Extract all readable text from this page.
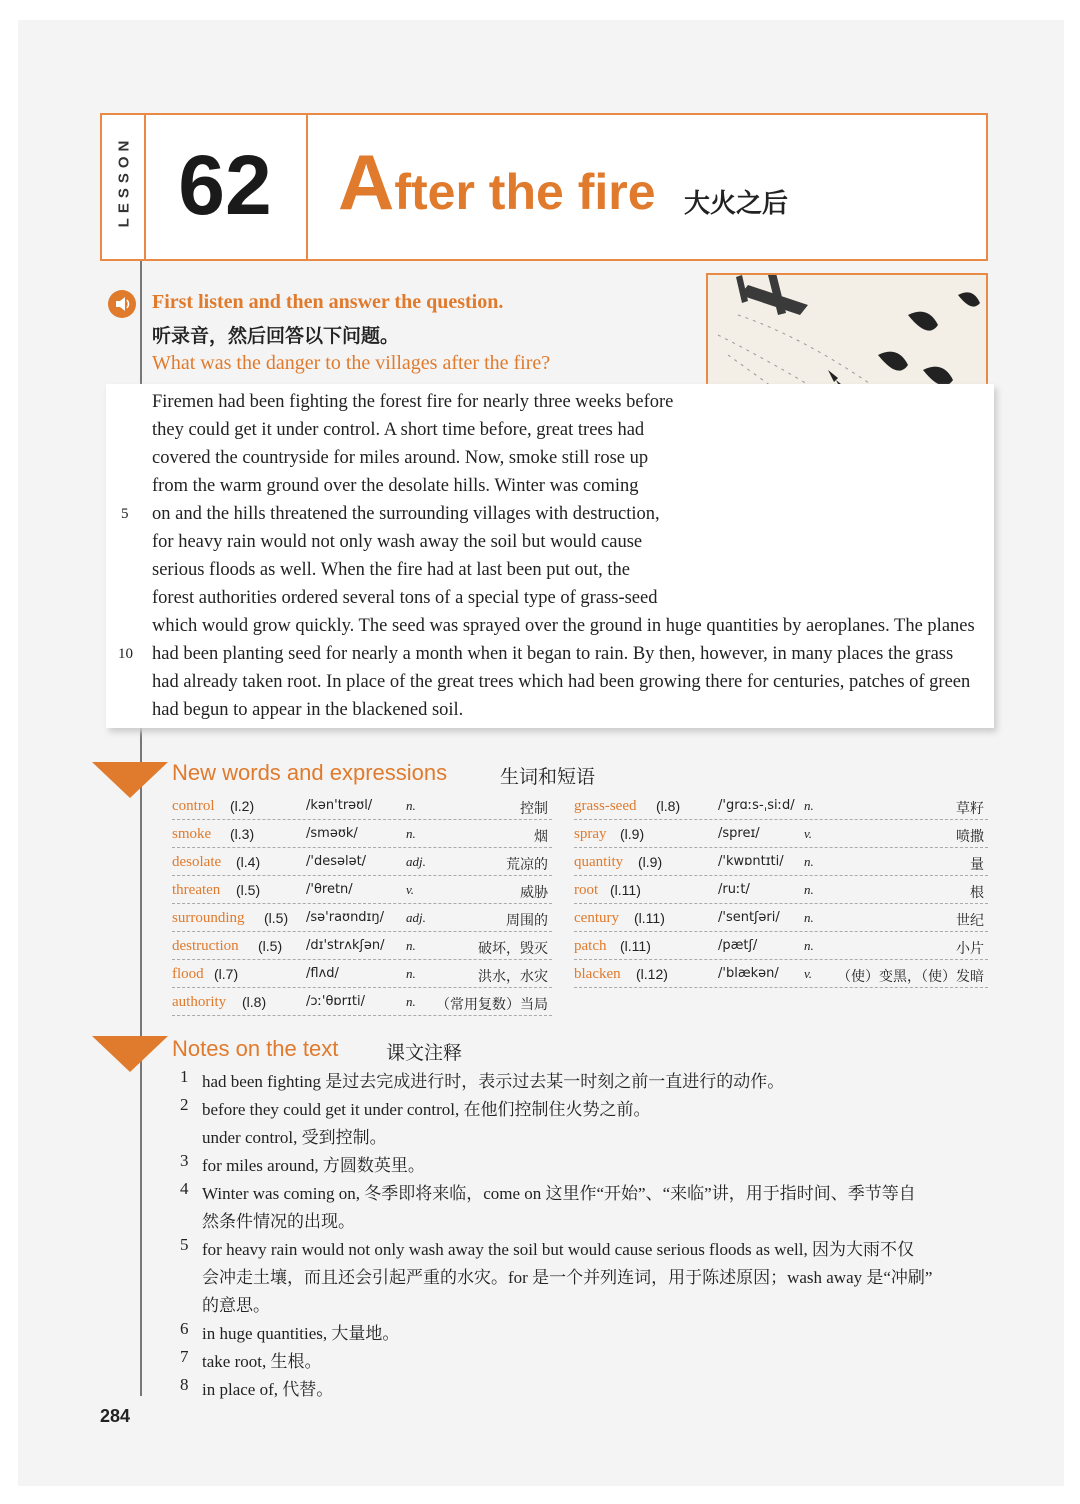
LESSON 62 After the fire 大火之后
First listen and then answer the question.
听录音，然后回答以下问题。
What was the danger to the villages after the fire?
Firemen had been fighting the forest fire for nearly three weeks before
they could get it under control. A short time before, great trees had
covered the countryside for miles around. Now, smoke still rose up
from the warm ground over the desolate hills. Winter was coming
5 on and the hills threatened the surrounding villages with destruction,
for heavy rain would not only wash away the soil but would cause
serious floods as well. When the fire had at last been put out, the
forest authorities ordered several tons of a special type of grass-seed
which would grow quickly. The seed was sprayed over the ground in huge quantities by aeroplanes. The planes
10 had been planting seed for nearly a month when it began to rain. By then, however, in many places the grass
had already taken root. In place of the great trees which had been growing there for centuries, patches of green
had begun to appear in the blackened soil.
New words and expressions	生词和短语
control (l.2)	/kən'trəʊl/	n.	控制
smoke (l.3)	/sməʊk/	n.	烟
desolate (l.4)	/'desələt/	adj.	荒凉的
threaten (l.5)	/'θretn/	v.	威胁
surrounding (l.5) /sə'raʊndɪŋ/ adj.	周围的
destruction (l.5) /dɪ'strʌkʃən/ n.	破坏，毁灭
flood (l.7)	/flʌd/	n.	洪水，水灾
authority (l.8)	/ɔː'θɒrɪti/	n. （常用复数）当局
grass-seed (l.8)	/'grɑːs-ˌsiːd/ n.	草籽
spray (l.9)	/spreɪ/	v.	喷撒
quantity (l.9)	/'kwɒntɪti/ n.	量
root (l.11)	/ruːt/	n.	根
century (l.11)	/'sentʃəri/ n.	世纪
patch (l.11)	/pætʃ/	n.	小片
blacken (l.12)	/'blækən/ v. （使）变黑，（使）发暗
Notes on the text	课文注释
1 had been fighting 是过去完成进行时，表示过去某一时刻之前一直进行的动作。
2 before they could get it under control, 在他们控制住火势之前。
under control, 受到控制。
3 for miles around, 方圆数英里。
4 Winter was coming on, 冬季即将来临，come on 这里作“开始”、“来临”讲，用于指时间、季节等自
然条件情况的出现。
5 for heavy rain would not only wash away the soil but would cause serious floods as well, 因为大雨不仅
会冲走土壤，而且还会引起严重的水灾。for 是一个并列连词，用于陈述原因；wash away 是“冲刷”
的意思。
6 in huge quantities, 大量地。
7 take root, 生根。
8 in place of, 代替。
284
